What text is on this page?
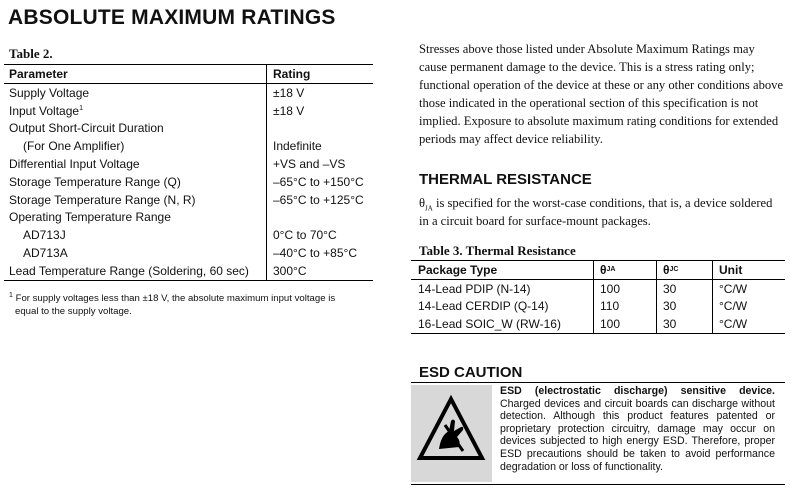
ABSOLUTE MAXIMUM RATINGS
Table 2.
Parameter	Rating
Supply Voltage	±18 V
Input Voltage$^1$	±18 V
Output Short-Circuit Duration
(For One Amplifier)	Indefinite
Differential Input Voltage	+VS and –VS
Storage Temperature Range (Q)	–65°C to +150°C
Storage Temperature Range (N, R)	–65°C to +125°C
Operating Temperature Range
AD713J	0°C to 70°C
AD713A	–40°C to +85°C
Lead Temperature Range (Soldering, 60 sec)	300°C
$^1$ For supply voltages less than ±18 V, the absolute maximum input voltage is
equal to the supply voltage.
Stresses above those listed under Absolute Maximum Ratings may cause permanent damage to the device. This is a stress rating only; functional operation of the device at these or any other conditions above those indicated in the operational section of this specification is not implied. Exposure to absolute maximum rating conditions for extended periods may affect device reliability.
THERMAL RESISTANCE
$\theta_{JA}$ is specified for the worst-case conditions, that is, a device soldered in a circuit board for surface-mount packages.
Table 3. Thermal Resistance
Package Type	θ JA	θ JC	Unit
14-Lead PDIP (N-14)	100	30	°C/W
14-Lead CERDIP (Q-14)	110	30	°C/W
16-Lead SOIC_W (RW-16)	100	30	°C/W
ESD CAUTION
ESD (electrostatic discharge) sensitive device. Charged devices and circuit boards can discharge without detection. Although this product features patented or proprietary protection circuitry, damage may occur on devices subjected to high energy ESD. Therefore, proper ESD precautions should be taken to avoid performance degradation or loss of functionality.
